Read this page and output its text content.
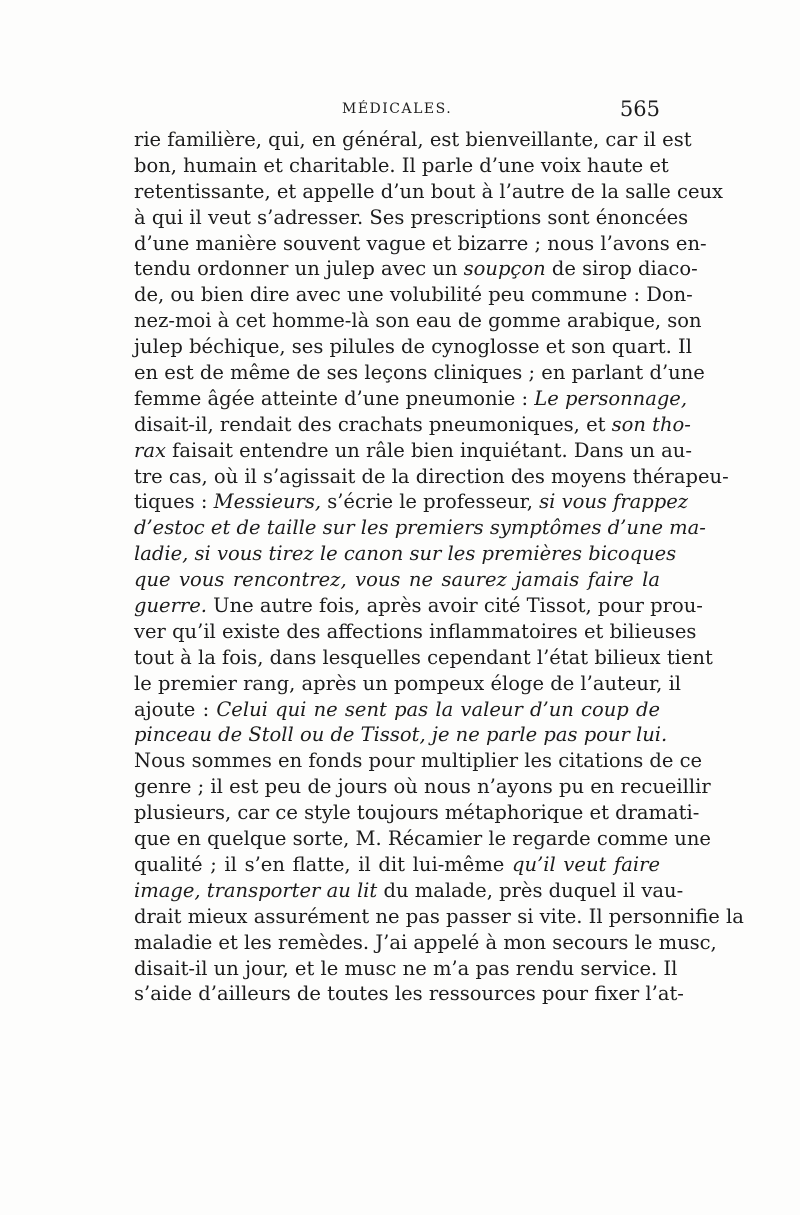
MÉDICALES.	565
rie familière, qui, en général, est bienveillante, car il est
bon, humain et charitable. Il parle d’une voix haute et
retentissante, et appelle d’un bout à l’autre de la salle ceux
à qui il veut s’adresser. Ses prescriptions sont énoncées
d’une manière souvent vague et bizarre ; nous l’avons en-
tendu ordonner un julep avec un soupçon de sirop diaco-
de, ou bien dire avec une volubilité peu commune : Don-
nez-moi à cet homme-là son eau de gomme arabique, son
julep béchique, ses pilules de cynoglosse et son quart. Il
en est de même de ses leçons cliniques ; en parlant d’une
femme âgée atteinte d’une pneumonie : Le personnage,
disait-il, rendait des crachats pneumoniques, et son tho-
rax faisait entendre un râle bien inquiétant. Dans un au-
tre cas, où il s’agissait de la direction des moyens thérapeu-
tiques : Messieurs, s’écrie le professeur, si vous frappez
d’estoc et de taille sur les premiers symptômes d’une ma-
ladie, si vous tirez le canon sur les premières bicoques
que vous rencontrez, vous ne saurez jamais faire la
guerre. Une autre fois, après avoir cité Tissot, pour prou-
ver qu’il existe des affections inflammatoires et bilieuses
tout à la fois, dans lesquelles cependant l’état bilieux tient
le premier rang, après un pompeux éloge de l’auteur, il
ajoute : Celui qui ne sent pas la valeur d’un coup de
pinceau de Stoll ou de Tissot, je ne parle pas pour lui.
Nous sommes en fonds pour multiplier les citations de ce
genre ; il est peu de jours où nous n’ayons pu en recueillir
plusieurs, car ce style toujours métaphorique et dramati-
que en quelque sorte, M. Récamier le regarde comme une
qualité ; il s’en flatte, il dit lui-même qu’il veut faire
image, transporter au lit du malade, près duquel il vau-
drait mieux assurément ne pas passer si vite. Il personnifie la
maladie et les remèdes. J’ai appelé à mon secours le musc,
disait-il un jour, et le musc ne m’a pas rendu service. Il
s’aide d’ailleurs de toutes les ressources pour fixer l’at-
